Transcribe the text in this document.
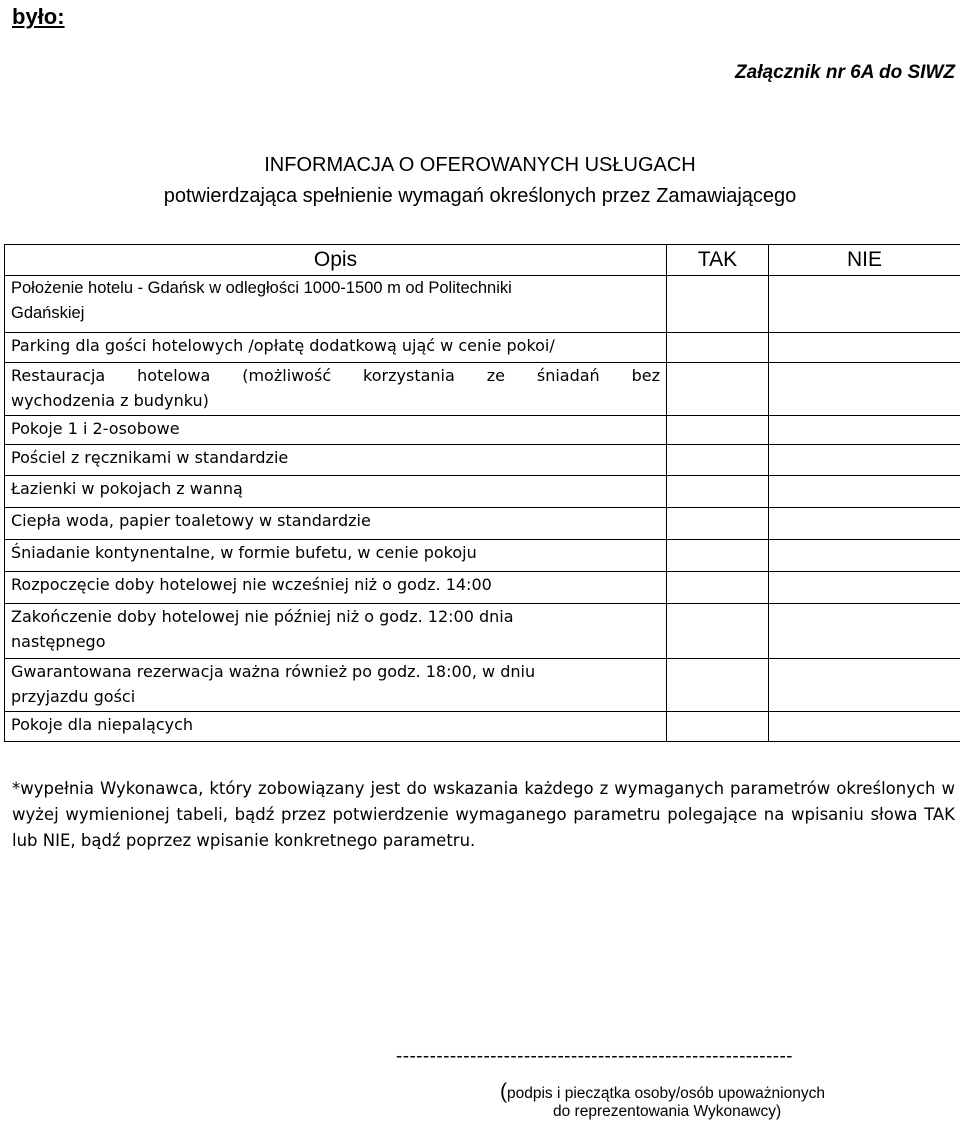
było:
Załącznik nr 6A do SIWZ
INFORMACJA O OFEROWANYCH USŁUGACH
potwierdzająca spełnienie wymagań określonych przez Zamawiającego
Opis	TAK	NIE

Położenie hotelu - Gdańsk w odległości 1000-1500 m od Politechniki
Gdańskiej		

Parking dla gości hotelowych /opłatę dodatkową ująć w cenie pokoi/		

Restauracja hotelowa (możliwość korzystania ze śniadań bez
wychodzenia z budynku)		

Pokoje 1 i 2-osobowe		

Pościel z ręcznikami w standardzie		

Łazienki w pokojach z wanną		

Ciepła woda, papier toaletowy w standardzie		

Śniadanie kontynentalne, w formie bufetu, w cenie pokoju		

Rozpoczęcie doby hotelowej nie wcześniej niż o godz. 14:00		

Zakończenie doby hotelowej nie później niż o godz. 12:00 dnia
następnego		

Gwarantowana rezerwacja ważna również po godz. 18:00, w dniu
przyjazdu gości		

Pokoje dla niepalących		

*wypełnia Wykonawca, który zobowiązany jest do wskazania każdego z wymaganych parametrów określonych w wyżej wymienionej tabeli, bądź przez potwierdzenie wymaganego parametru polegające na wpisaniu słowa TAK lub NIE, bądź poprzez wpisanie konkretnego parametru.
-----------------------------------------------------------
(podpis i pieczątka osoby/osób upoważnionych
do reprezentowania Wykonawcy)
